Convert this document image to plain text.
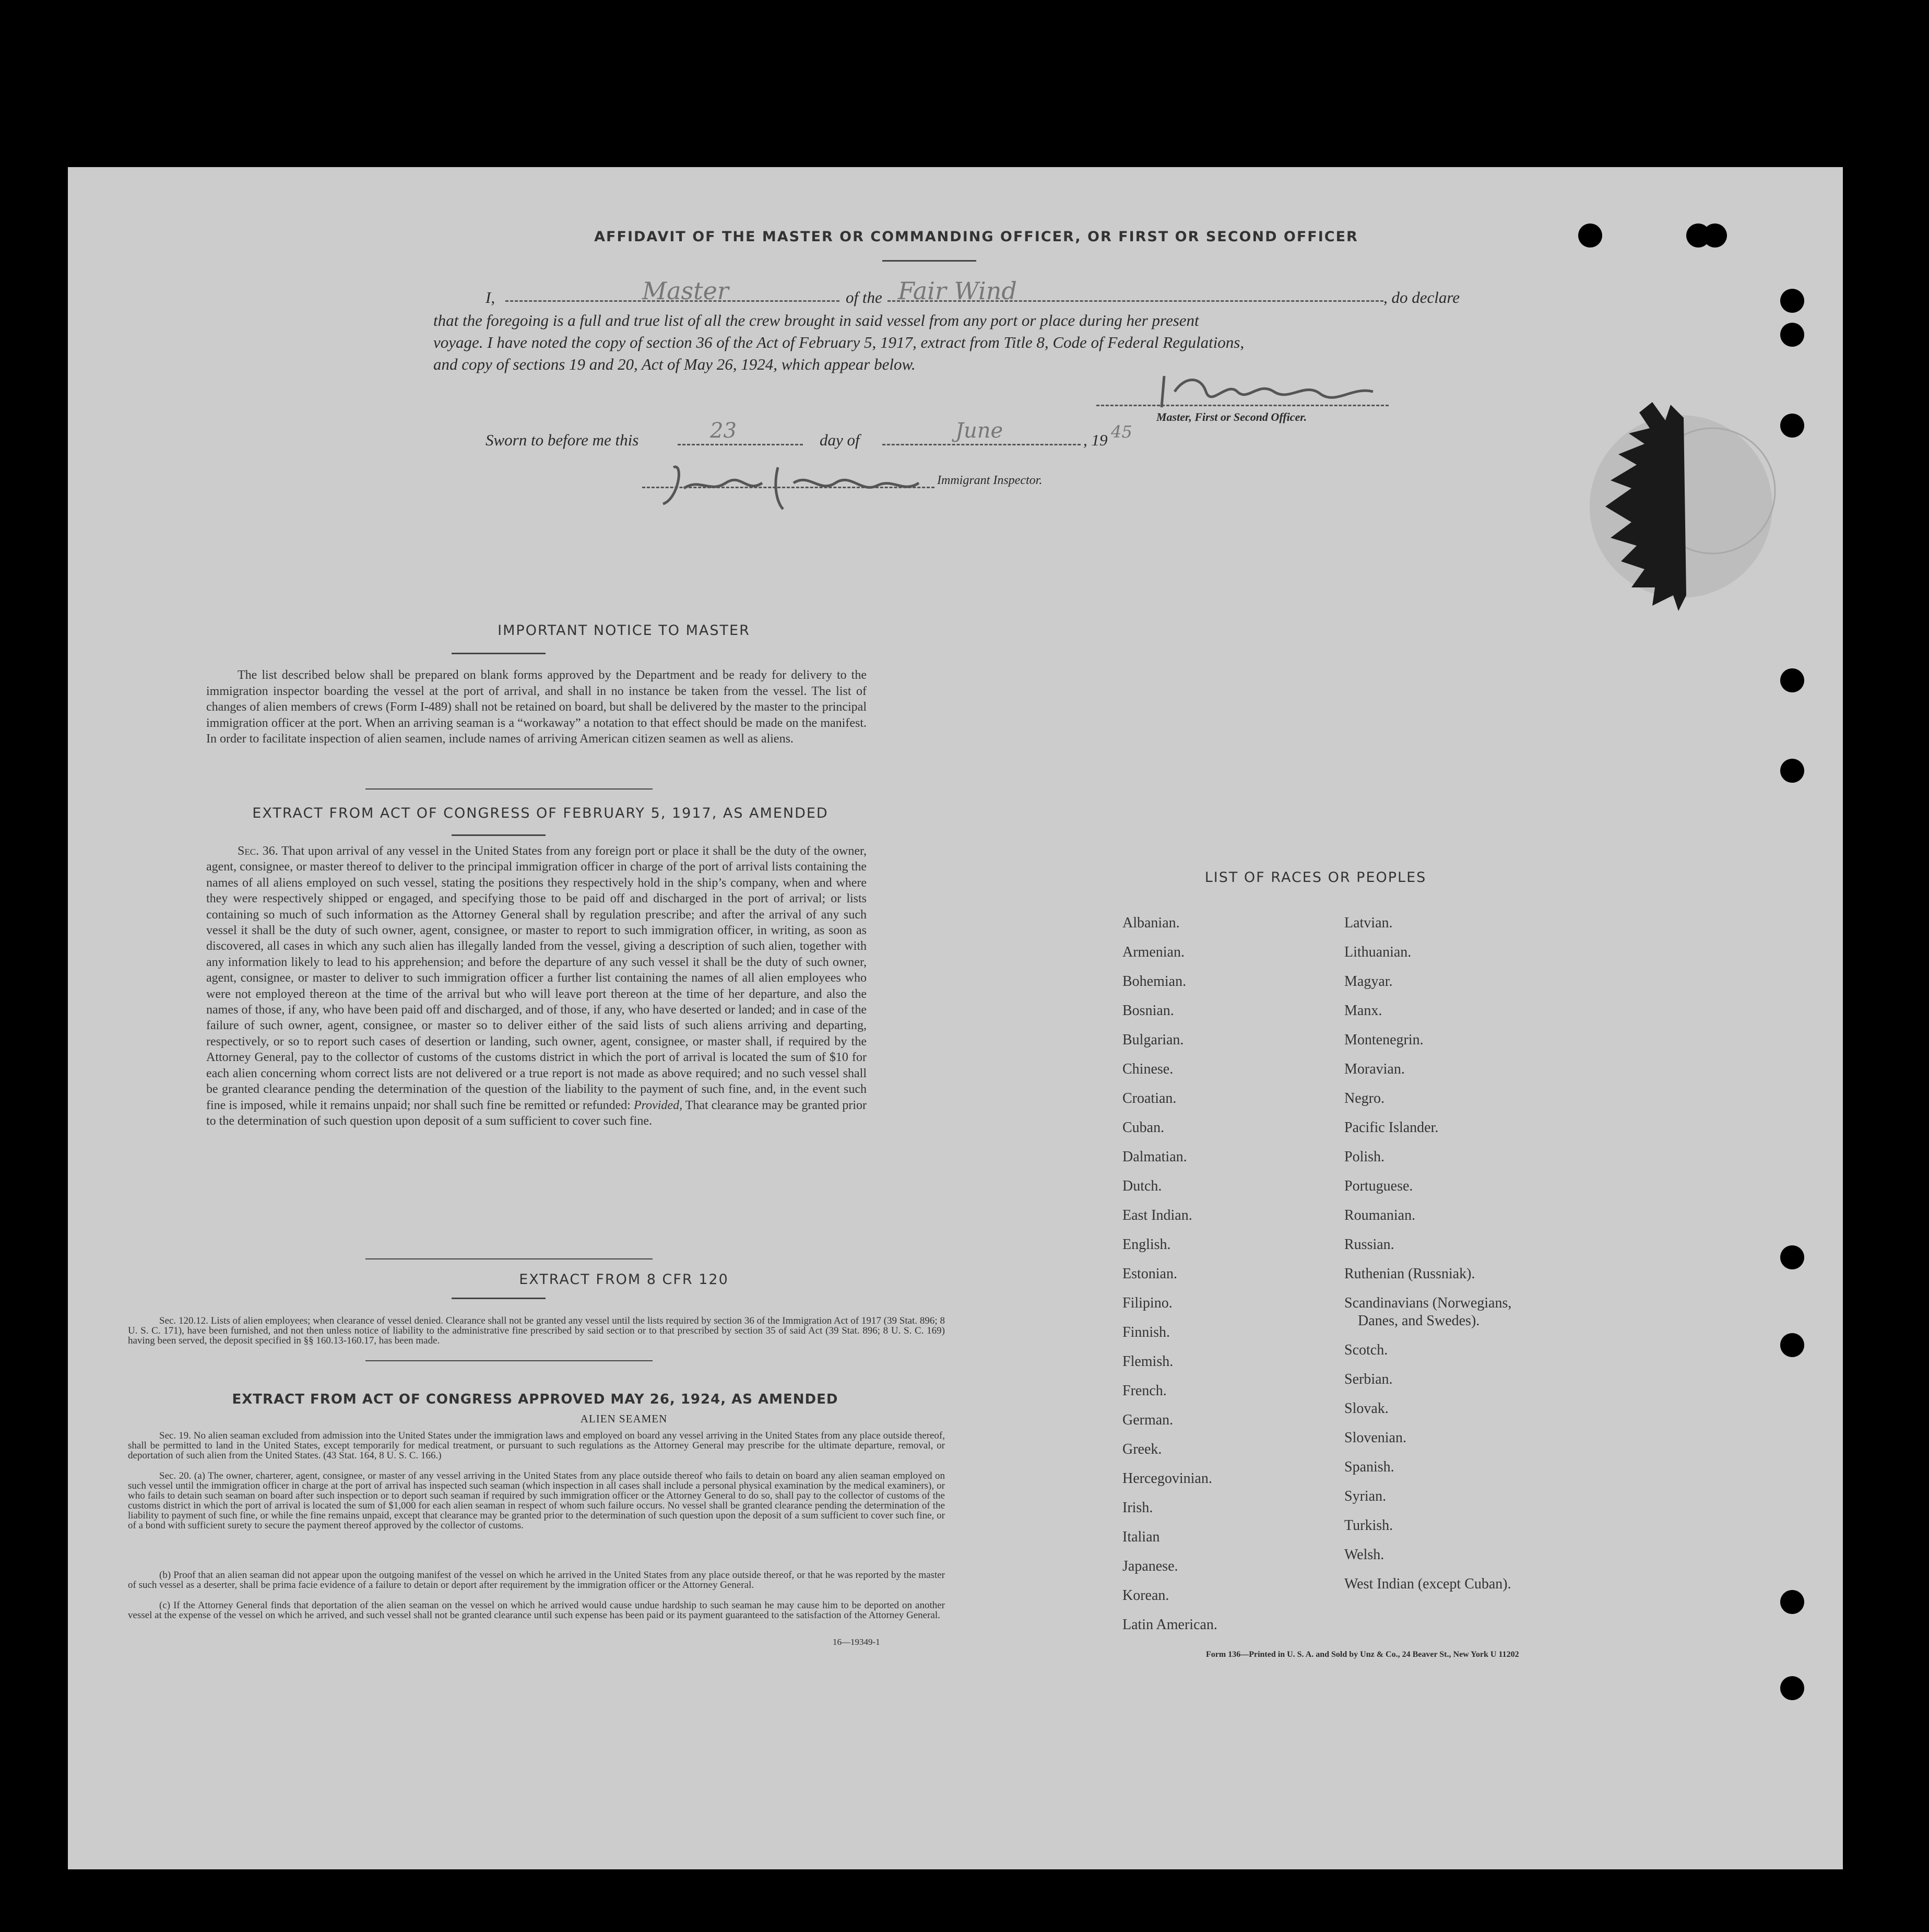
AFFIDAVIT OF THE MASTER OR COMMANDING OFFICER, OR FIRST OR SECOND OFFICER
I,	Master	of the Fair Wind	, do declare
that the foregoing is a full and true list of all the crew brought in said vessel from any port or place during her present
voyage. I have noted the copy of section 36 of the Act of February 5, 1917, extract from Title 8, Code of Federal Regulations,
and copy of sections 19 and 20, Act of May 26, 1924, which appear below.
Master, First or Second Officer.
Sworn to before me this	23	day of	June	, 19 45
Immigrant Inspector.
IMPORTANT NOTICE TO MASTER
The list described below shall be prepared on blank forms approved by the Department and be ready for delivery to the immigration inspector boarding the vessel at the port of arrival, and shall in no instance be taken from the vessel. The list of changes of alien members of crews (Form I-489) shall not be retained on board, but shall be delivered by the master to the principal immigration officer at the port. When an arriving seaman is a “workaway” a notation to that effect should be made on the manifest. In order to facilitate inspection of alien seamen, include names of arriving American citizen seamen as well as aliens.
EXTRACT FROM ACT OF CONGRESS OF FEBRUARY 5, 1917, AS AMENDED
Sec. 36. That upon arrival of any vessel in the United States from any foreign port or place it shall be the duty of the owner, agent, consignee, or master thereof to deliver to the principal immigration officer in charge of the port of arrival lists containing the names of all aliens employed on such vessel, stating the positions they respectively hold in the ship’s company, when and where they were respectively shipped or engaged, and specifying those to be paid off and discharged in the port of arrival; or lists containing so much of such information as the Attorney General shall by regulation prescribe; and after the arrival of any such vessel it shall be the duty of such owner, agent, consignee, or master to report to such immigration officer, in writing, as soon as discovered, all cases in which any such alien has illegally landed from the vessel, giving a description of such alien, together with any information likely to lead to his apprehension; and before the departure of any such vessel it shall be the duty of such owner, agent, consignee, or master to deliver to such immigration officer a further list containing the names of all alien employees who were not employed thereon at the time of the arrival but who will leave port thereon at the time of her departure, and also the names of those, if any, who have been paid off and discharged, and of those, if any, who have deserted or landed; and in case of the failure of such owner, agent, consignee, or master so to deliver either of the said lists of such aliens arriving and departing, respectively, or so to report such cases of desertion or landing, such owner, agent, consignee, or master shall, if required by the Attorney General, pay to the collector of customs of the customs district in which the port of arrival is located the sum of $10 for each alien concerning whom correct lists are not delivered or a true report is not made as above required; and no such vessel shall be granted clearance pending the determination of the question of the liability to the payment of such fine, and, in the event such fine is imposed, while it remains unpaid; nor shall such fine be remitted or refunded: Provided, That clearance may be granted prior to the determination of such question upon deposit of a sum sufficient to cover such fine.
EXTRACT FROM 8 CFR 120
Sec. 120.12. Lists of alien employees; when clearance of vessel denied. Clearance shall not be granted any vessel until the lists required by section 36 of the Immigration Act of 1917 (39 Stat. 896; 8 U. S. C. 171), have been furnished, and not then unless notice of liability to the administrative fine prescribed by said section or to that prescribed by section 35 of said Act (39 Stat. 896; 8 U. S. C. 169) having been served, the deposit specified in §§ 160.13-160.17, has been made.
EXTRACT FROM ACT OF CONGRESS APPROVED MAY 26, 1924, AS AMENDED
ALIEN SEAMEN
Sec. 19. No alien seaman excluded from admission into the United States under the immigration laws and employed on board any vessel arriving in the United States from any place outside thereof, shall be permitted to land in the United States, except temporarily for medical treatment, or pursuant to such regulations as the Attorney General may prescribe for the ultimate departure, removal, or deportation of such alien from the United States. (43 Stat. 164, 8 U. S. C. 166.)
Sec. 20. (a) The owner, charterer, agent, consignee, or master of any vessel arriving in the United States from any place outside thereof who fails to detain on board any alien seaman employed on such vessel until the immigration officer in charge at the port of arrival has inspected such seaman (which inspection in all cases shall include a personal physical examination by the medical examiners), or who fails to detain such seaman on board after such inspection or to deport such seaman if required by such immigration officer or the Attorney General to do so, shall pay to the collector of customs of the customs district in which the port of arrival is located the sum of $1,000 for each alien seaman in respect of whom such failure occurs. No vessel shall be granted clearance pending the determination of the liability to payment of such fine, or while the fine remains unpaid, except that clearance may be granted prior to the determination of such question upon the deposit of a sum sufficient to cover such fine, or of a bond with sufficient surety to secure the payment thereof approved by the collector of customs.
(b) Proof that an alien seaman did not appear upon the outgoing manifest of the vessel on which he arrived in the United States from any place outside thereof, or that he was reported by the master of such vessel as a deserter, shall be prima facie evidence of a failure to detain or deport after requirement by the immigration officer or the Attorney General.
(c) If the Attorney General finds that deportation of the alien seaman on the vessel on which he arrived would cause undue hardship to such seaman he may cause him to be deported on another vessel at the expense of the vessel on which he arrived, and such vessel shall not be granted clearance until such expense has been paid or its payment guaranteed to the satisfaction of the Attorney General.
16—19349-1
LIST OF RACES OR PEOPLES
Albanian.
Armenian.
Bohemian.
Bosnian.
Bulgarian.
Chinese.
Croatian.
Cuban.
Dalmatian.
Dutch.
East Indian.
English.
Estonian.
Filipino.
Finnish.
Flemish.
French.
German.
Greek.
Hercegovinian.
Irish.
Italian
Japanese.
Korean.
Latin American.
Latvian.
Lithuanian.
Magyar.
Manx.
Montenegrin.
Moravian.
Negro.
Pacific Islander.
Polish.
Portuguese.
Roumanian.
Russian.
Ruthenian (Russniak).
Scandinavians (Norwegians,
Danes, and Swedes).
Scotch.
Serbian.
Slovak.
Slovenian.
Spanish.
Syrian.
Turkish.
Welsh.
West Indian (except Cuban).
Form 136—Printed in U. S. A. and Sold by Unz & Co., 24 Beaver St., New York U 11202
